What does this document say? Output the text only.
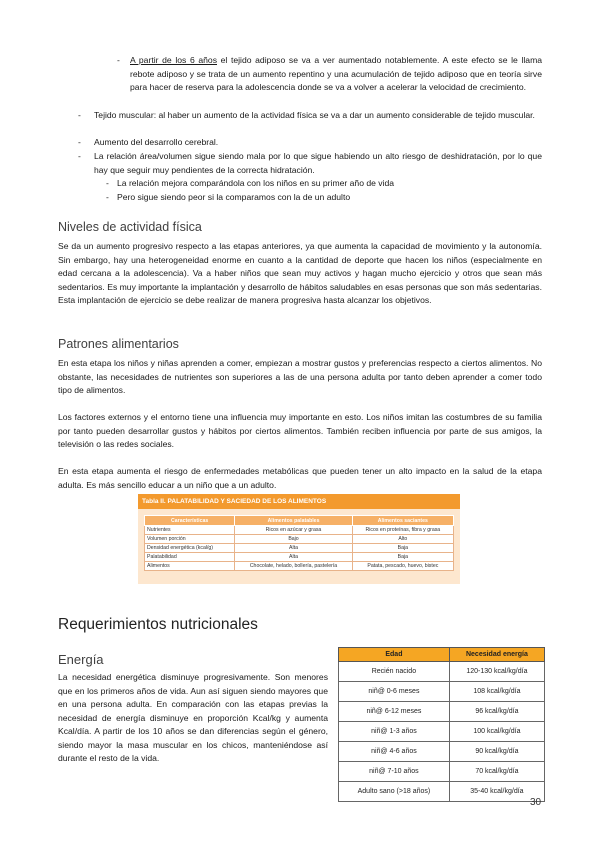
- A partir de los 6 años el tejido adiposo se va a ver aumentado notablemente. A este efecto se le llama rebote adiposo y se trata de un aumento repentino y una acumulación de tejido adiposo que en teoría sirve para hacer de reserva para la adolescencia donde se va a volver a acelerar la velocidad de crecimiento.
- Tejido muscular: al haber un aumento de la actividad física se va a dar un aumento considerable de tejido muscular.
- Aumento del desarrollo cerebral.
- La relación área/volumen sigue siendo mala por lo que sigue habiendo un alto riesgo de deshidratación, por lo que hay que seguir muy pendientes de la correcta hidratación.
- La relación mejora comparándola con los niños en su primer año de vida
- Pero sigue siendo peor si la comparamos con la de un adulto
Niveles de actividad física
Se da un aumento progresivo respecto a las etapas anteriores, ya que aumenta la capacidad de movimiento y la autonomía. Sin embargo, hay una heterogeneidad enorme en cuanto a la cantidad de deporte que hacen los niños (especialmente en edad cercana a la adolescencia). Va a haber niños que sean muy activos y hagan mucho ejercicio y otros que sean más sedentarios. Es muy importante la implantación y desarrollo de hábitos saludables en esas personas que son más sedentarias. Esta implantación de ejercicio se debe realizar de manera progresiva hasta alcanzar los objetivos.
Patrones alimentarios
En esta etapa los niños y niñas aprenden a comer, empiezan a mostrar gustos y preferencias respecto a ciertos alimentos. No obstante, las necesidades de nutrientes son superiores a las de una persona adulta por tanto deben aprender a comer todo tipo de alimentos.
Los factores externos y el entorno tiene una influencia muy importante en esto. Los niños imitan las costumbres de su familia por tanto pueden desarrollar gustos y hábitos por ciertos alimentos. También reciben influencia por parte de sus amigos, la televisión o las redes sociales.
En esta etapa aumenta el riesgo de enfermedades metabólicas que pueden tener un alto impacto en la salud de la etapa adulta. Es más sencillo educar a un niño que a un adulto.
Tabla II. PALATABILIDAD Y SACIEDAD DE LOS ALIMENTOS
Características	Alimentos palatables	Alimentos saciantes
Nutrientes	Ricos en azúcar y grasa	Ricos en proteínas, fibra y grasa
Volumen porción	Bajo	Alto
Densidad energética (kcal/g)	Alta	Baja
Palatabilidad	Alta	Baja
Alimentos	Chocolate, helado, bollería, pastelería	Patata, pescado, huevo, bistec
Requerimientos nutricionales
Energía
La necesidad energética disminuye progresivamente. Son menores que en los primeros años de vida. Aun así siguen siendo mayores que en una persona adulta. En comparación con las etapas previas la necesidad de energía disminuye en proporción Kcal/kg y aumenta Kcal/día. A partir de los 10 años se dan diferencias según el género, siendo mayor la masa muscular en los chicos, manteniéndose así durante el resto de la vida.
Edad	Necesidad energía
Recién nacido	120-130 kcal/kg/día
niñ@ 0-6 meses	108 kcal/kg/día
niñ@ 6-12 meses	96 kcal/kg/día
niñ@ 1-3 años	100 kcal/kg/día
niñ@ 4-6 años	90 kcal/kg/día
niñ@ 7-10 años	70 kcal/kg/día
Adulto sano (>18 años)	35-40 kcal/kg/día
30
